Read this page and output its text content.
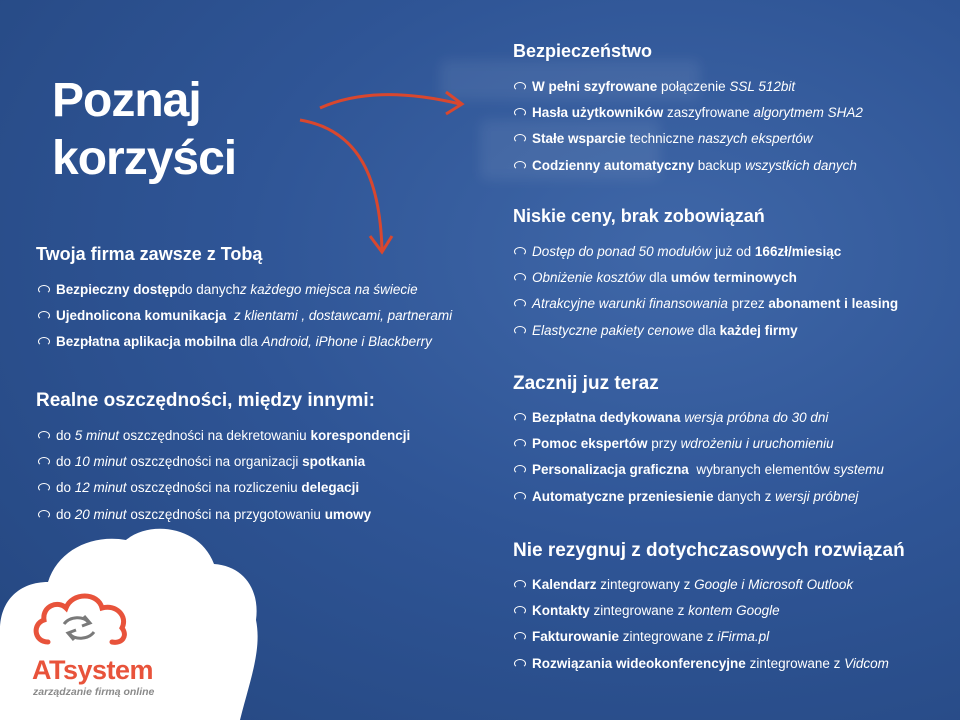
Poznaj
korzyści
Twoja firma zawsze z Tobą
Bezpieczny dostęp do danych z każdego miejsca na świecie
Ujednolicona komunikacja
z klientami , dostawcami, partnerami
Bezpłatna aplikacja mobilna dla Android, iPhone i Blackberry
Realne oszczędności, między innymi:
do 5 minut oszczędności na dekretowaniu korespondencji
do 10 minut oszczędności na organizacji spotkania
do 12 minut oszczędności na rozliczeniu delegacji
do 20 minut oszczędności na przygotowaniu umowy
Bezpieczeństwo
W pełni szyfrowane połączenie SSL 512bit
Hasła użytkowników zaszyfrowane algorytmem SHA2
Stałe wsparcie techniczne naszych ekspertów
Codzienny automatyczny backup wszystkich danych
Niskie ceny, brak zobowiązań
Dostęp do ponad 50 modułów już od 166zł/miesiąc
Obniżenie kosztów dla umów terminowych
Atrakcyjne warunki finansowania przez abonament i leasing
Elastyczne pakiety cenowe dla każdej firmy
Zacznij juz teraz
Bezpłatna dedykowana
wersja próbna do 30 dni
Pomoc ekspertów przy wdrożeniu i uruchomieniu
Personalizacja graficzna wybranych elementów systemu
Automatyczne przeniesienie danych z wersji próbnej
Nie rezygnuj z dotychczasowych rozwiązań
Kalendarz zintegrowany z Google i Microsoft Outlook
Kontakty zintegrowane z kontem Google
Fakturowanie zintegrowane z iFirma.pl
Rozwiązania wideokonferencyjne zintegrowane z Vidcom
ATsystem
zarządzanie firmą online
